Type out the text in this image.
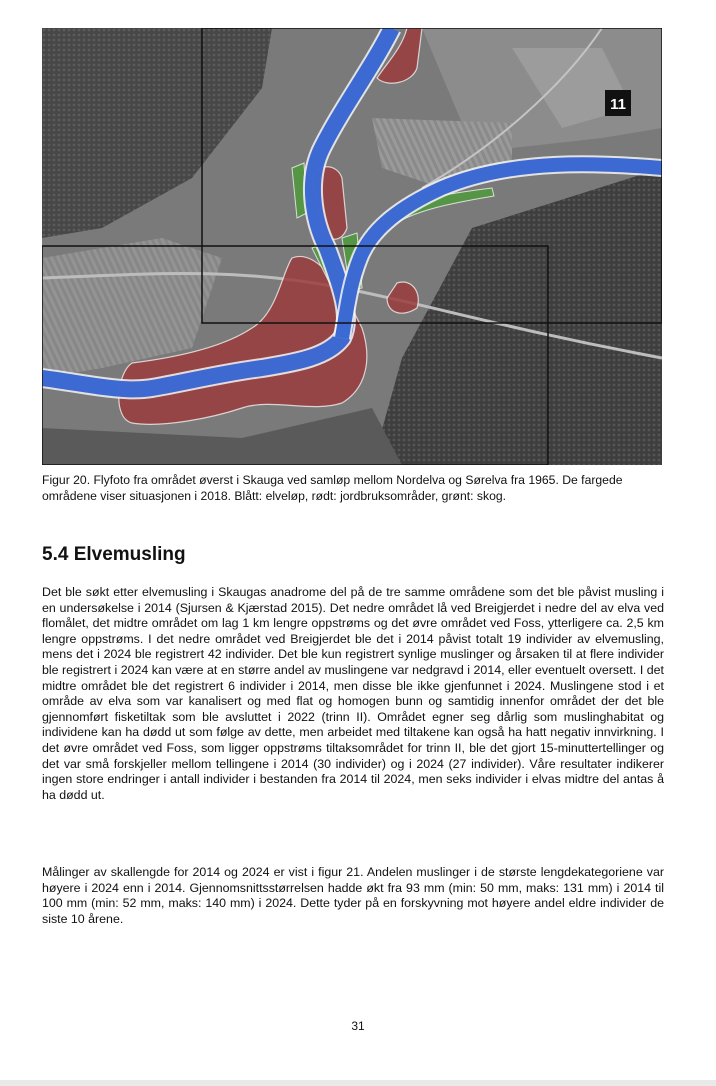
11
Figur 20. Flyfoto fra området øverst i Skauga ved samløp mellom Nordelva og Sørelva fra 1965. De fargede områdene viser situasjonen i 2018. Blått: elveløp, rødt: jordbruksområder, grønt: skog.
5.4 Elvemusling

Det ble søkt etter elvemusling i Skaugas anadrome del på de tre samme områdene som det ble påvist musling i en undersøkelse i 2014 (Sjursen & Kjærstad 2015). Det nedre området lå ved Breigjerdet i nedre del av elva ved flomålet, det midtre området om lag 1 km lengre oppstrøms og det øvre området ved Foss, ytterligere ca. 2,5 km lengre oppstrøms. I det nedre området ved Breigjerdet ble det i 2014 påvist totalt 19 individer av elvemusling, mens det i 2024 ble registrert 42 individer. Det ble kun registrert synlige muslinger og årsaken til at flere individer ble registrert i 2024 kan være at en større andel av muslingene var nedgravd i 2014, eller eventuelt oversett. I det midtre området ble det registrert 6 individer i 2014, men disse ble ikke gjenfunnet i 2024. Muslingene stod i et område av elva som var kanalisert og med flat og homogen bunn og samtidig innenfor området der det ble gjennomført fisketiltak som ble avsluttet i 2022 (trinn II). Området egner seg dårlig som muslinghabitat og individene kan ha dødd ut som følge av dette, men arbeidet med tiltakene kan også ha hatt negativ innvirkning. I det øvre området ved Foss, som ligger oppstrøms tiltaksområdet for trinn II, ble det gjort 15-minuttertellinger og det var små forskjeller mellom tellingene i 2014 (30 individer) og i 2024 (27 individer). Våre resultater indikerer ingen store endringer i antall individer i bestanden fra 2014 til 2024, men seks individer i elvas midtre del antas å ha dødd ut.

Målinger av skallengde for 2014 og 2024 er vist i figur 21. Andelen muslinger i de største lengdekategoriene var høyere i 2024 enn i 2014. Gjennomsnittsstørrelsen hadde økt fra 93 mm (min: 50 mm, maks: 131 mm) i 2014 til 100 mm (min: 52 mm, maks: 140 mm) i 2024. Dette tyder på en forskyvning mot høyere andel eldre individer de siste 10 årene.

31
